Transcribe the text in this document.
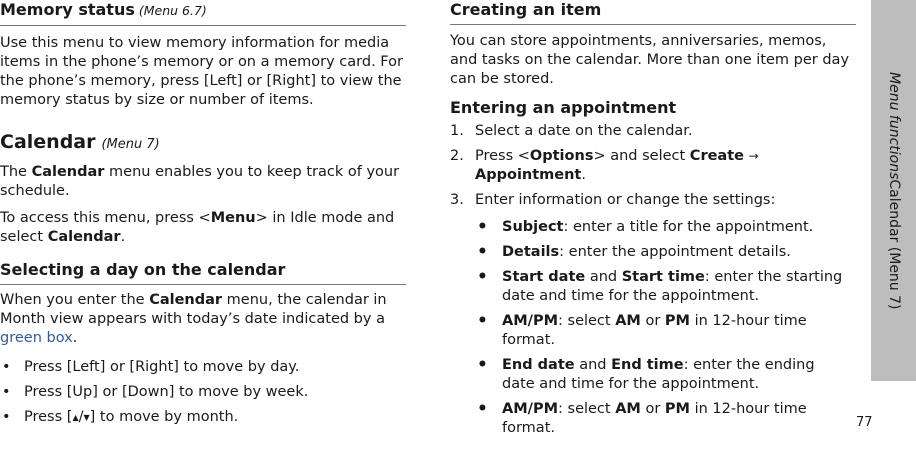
Memory status (Menu 6.7)

Use this menu to view memory information for media items in the phone’s memory or on a memory card. For the phone’s memory, press [Left] or [Right] to view the memory status by size or number of items.

Calendar (Menu 7)

The Calendar menu enables you to keep track of your schedule.

To access this menu, press <Menu> in Idle mode and select Calendar.

Selecting a day on the calendar

When you enter the Calendar menu, the calendar in Month view appears with today’s date indicated by a green box.

• Press [Left] or [Right] to move by day.
• Press [Up] or [Down] to move by week.
• Press [▲/▼] to move by month.
Creating an item

You can store appointments, anniversaries, memos, and tasks on the calendar. More than one item per day can be stored.

Entering an appointment
1. Select a date on the calendar.
2. Press <Options> and select Create → Appointment.
3. Enter information or change the settings:
• Subject: enter a title for the appointment.
• Details: enter the appointment details.
• Start date and Start time: enter the starting date and time for the appointment.
• AM/PM: select AM or PM in 12-hour time format.
• End date and End time: enter the ending date and time for the appointment.
• AM/PM: select AM or PM in 12-hour time format.
Menu functionsCalendar (Menu 7)
77
